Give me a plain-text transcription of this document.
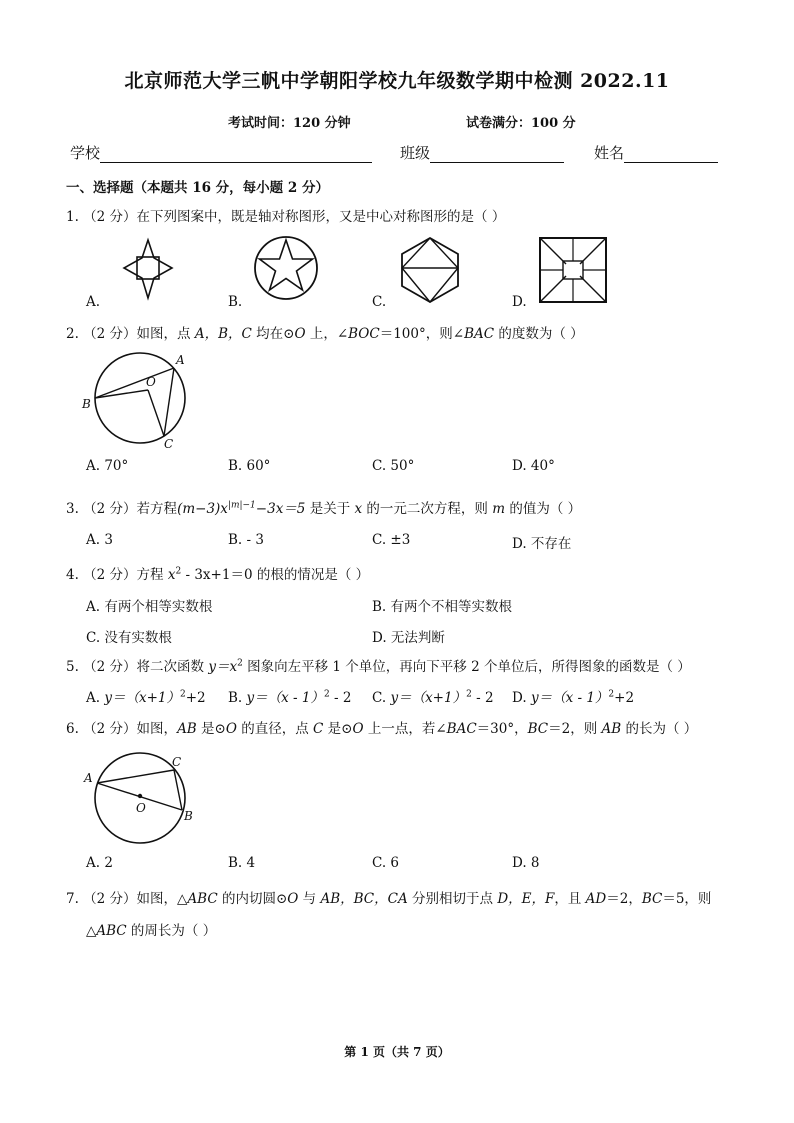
北京师范大学三帆中学朝阳学校九年级数学期中检测 2022.11
考试时间：120 分钟	试卷满分：100 分
学校	班级	姓名
一、选择题（本题共 16 分，每小题 2 分）
1. （2 分）在下列图案中，既是轴对称图形，又是中心对称图形的是（ ）
A.	B.	C.	D.
2. （2 分）如图，点 A，B，C 均在⊙O 上，∠BOC＝100°，则∠BAC 的度数为（ ）
A
B
C
O
A. 70°	B. 60°	C. 50°	D. 40°
3. （2 分）若方程$(m-3)x^{|m|-1}-3x=5$ 是关于 x 的一元二次方程，则 m 的值为（ ）
A. 3	B. - 3	C. ±3	D. 不存在
4. （2 分）方程 $x^2 - 3x+1=0$ 的根的情况是（ ）
A. 有两个相等实数根	B. 有两个不相等实数根
C. 没有实数根	D. 无法判断
5. （2 分）将二次函数 $y=x^2$ 图象向左平移 1 个单位，再向下平移 2 个单位后，所得图象的函数是（ ）
A. $y=(x+1)^2+2$ B. y＝（x - 1）$^2$ - 2 C. $y=(x+1)^2 - 2$ D. y＝（x - 1）$^2$+2
6. （2 分）如图，AB 是⊙O 的直径，点 C 是⊙O 上一点，若∠BAC＝30°，BC＝2，则 AB 的长为（ ）
A
B
C
O
A. 2	B. 4	C. 6	D. 8
7. （2 分）如图，△ABC 的内切圆⊙O 与 AB，BC，CA 分别相切于点 D，E，F，且 AD＝2，BC＝5，则
△ABC 的周长为（ ）
第 1 页（共 7 页）
